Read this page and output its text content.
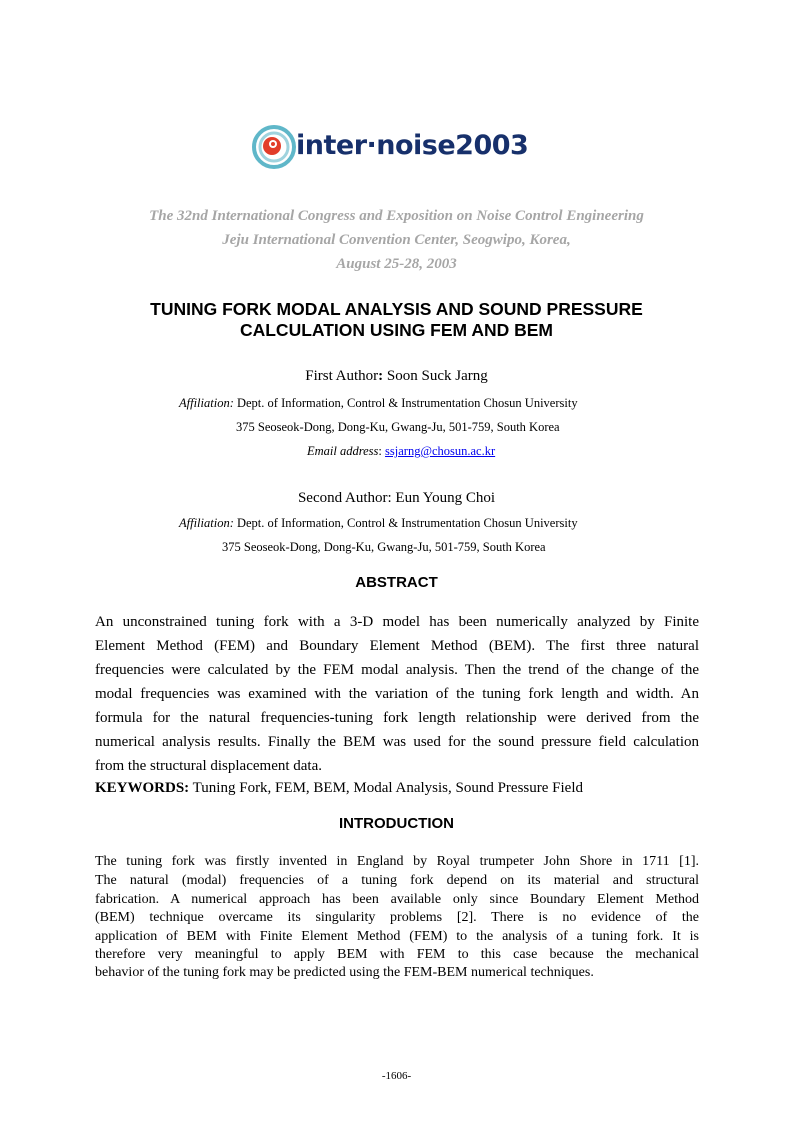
inter·noise2003
The 32nd International Congress and Exposition on Noise Control Engineering
Jeju International Convention Center, Seogwipo, Korea,
August 25-28, 2003
TUNING FORK MODAL ANALYSIS AND SOUND PRESSURE
CALCULATION USING FEM AND BEM
First Author: Soon Suck Jarng
Affiliation: Dept. of Information, Control & Instrumentation Chosun University
375 Seoseok-Dong, Dong-Ku, Gwang-Ju, 501-759, South Korea
Email address: ssjarng@chosun.ac.kr
Second Author: Eun Young Choi
Affiliation: Dept. of Information, Control & Instrumentation Chosun University
375 Seoseok-Dong, Dong-Ku, Gwang-Ju, 501-759, South Korea
ABSTRACT
An unconstrained tuning fork with a 3-D model has been numerically analyzed by Finite
Element Method (FEM) and Boundary Element Method (BEM). The first three natural
frequencies were calculated by the FEM modal analysis. Then the trend of the change of the
modal frequencies was examined with the variation of the tuning fork length and width. An
formula for the natural frequencies-tuning fork length relationship were derived from the
numerical analysis results. Finally the BEM was used for the sound pressure field calculation
from the structural displacement data.
KEYWORDS: Tuning Fork, FEM, BEM, Modal Analysis, Sound Pressure Field
INTRODUCTION
The tuning fork was firstly invented in England by Royal trumpeter John Shore in 1711 [1].
The natural (modal) frequencies of a tuning fork depend on its material and structural
fabrication. A numerical approach has been available only since Boundary Element Method
(BEM) technique overcame its singularity problems [2]. There is no evidence of the
application of BEM with Finite Element Method (FEM) to the analysis of a tuning fork. It is
therefore very meaningful to apply BEM with FEM to this case because the mechanical
behavior of the tuning fork may be predicted using the FEM-BEM numerical techniques.
-1606-
